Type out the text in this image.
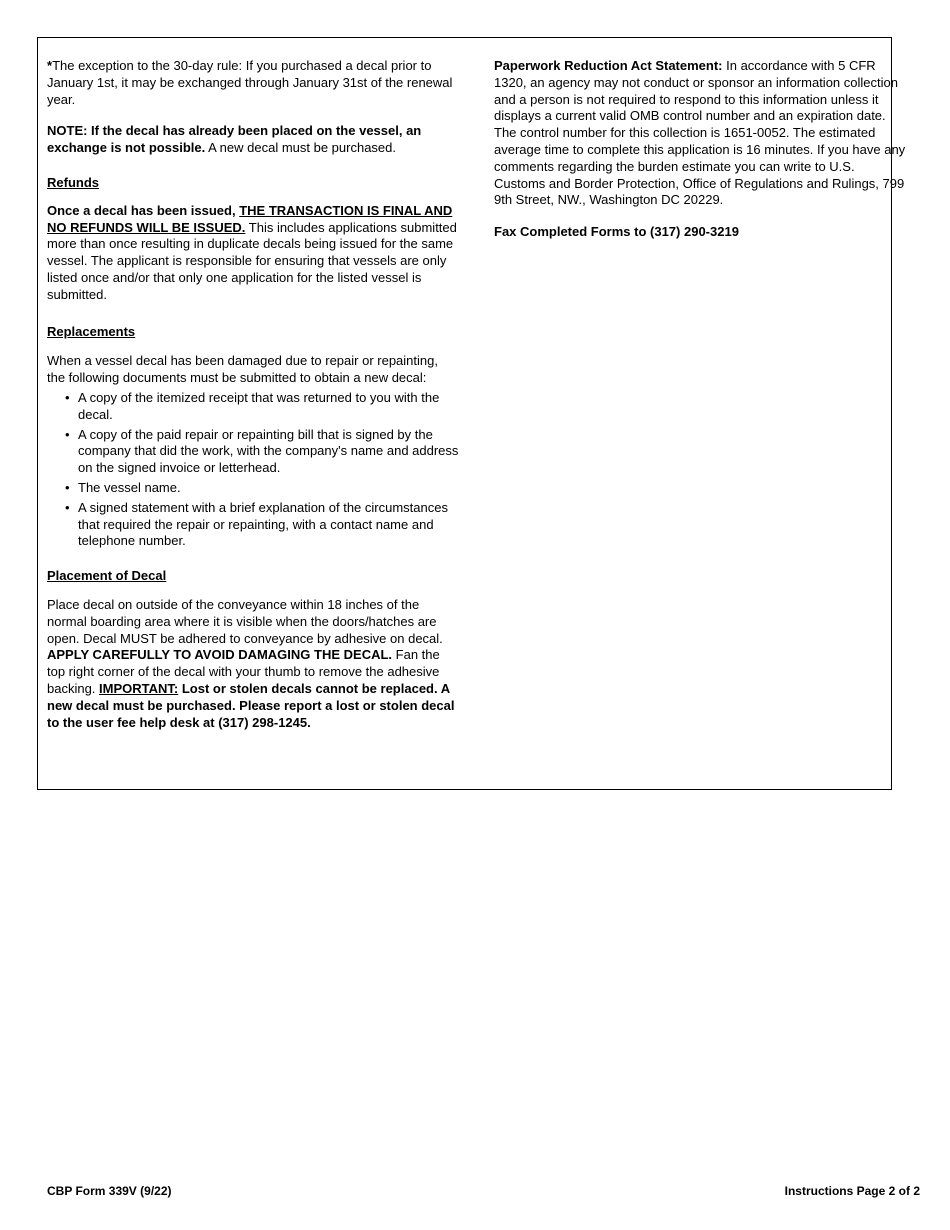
*The exception to the 30-day rule: If you purchased a decal prior to January 1st, it may be exchanged through January 31st of the renewal year.

NOTE: If the decal has already been placed on the vessel, an exchange is not possible. A new decal must be purchased.

Refunds

Once a decal has been issued, THE TRANSACTION IS FINAL AND NO REFUNDS WILL BE ISSUED. This includes applications submitted more than once resulting in duplicate decals being issued for the same vessel. The applicant is responsible for ensuring that vessels are only listed once and/or that only one application for the listed vessel is submitted.

Replacements

When a vessel decal has been damaged due to repair or repainting, the following documents must be submitted to obtain a new decal:

• A copy of the itemized receipt that was returned to you with the decal.
• A copy of the paid repair or repainting bill that is signed by the company that did the work, with the company's name and address on the signed invoice or letterhead.
• The vessel name.
• A signed statement with a brief explanation of the circumstances that required the repair or repainting, with a contact name and telephone number.

Placement of Decal

Place decal on outside of the conveyance within 18 inches of the normal boarding area where it is visible when the doors/hatches are open. Decal MUST be adhered to conveyance by adhesive on decal. APPLY CAREFULLY TO AVOID DAMAGING THE DECAL. Fan the top right corner of the decal with your thumb to remove the adhesive backing. IMPORTANT: Lost or stolen decals cannot be replaced. A new decal must be purchased. Please report a lost or stolen decal to the user fee help desk at (317) 298-1245.

Paperwork Reduction Act Statement: In accordance with 5 CFR 1320, an agency may not conduct or sponsor an information collection and a person is not required to respond to this information unless it displays a current valid OMB control number and an expiration date. The control number for this collection is 1651-0052. The estimated average time to complete this application is 16 minutes. If you have any comments regarding the burden estimate you can write to U.S. Customs and Border Protection, Office of Regulations and Rulings, 799 9th Street, NW., Washington DC 20229.

Fax Completed Forms to (317) 290-3219

CBP Form 339V (9/22)	Instructions Page 2 of 2
